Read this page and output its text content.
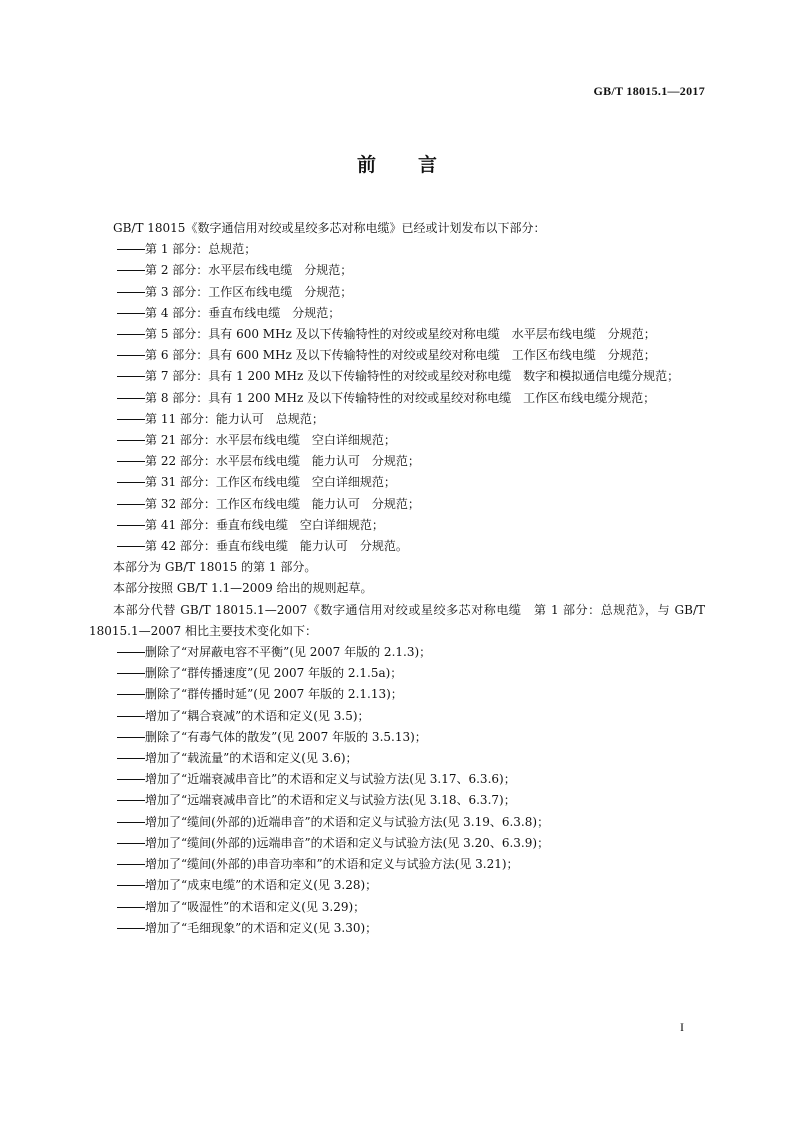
GB/T 18015.1—2017
前言

GB/T 18015《数字通信用对绞或星绞多芯对称电缆》已经或计划发布以下部分：

第 1 部分：总规范；
第 2 部分：水平层布线电缆　分规范；
第 3 部分：工作区布线电缆　分规范；
第 4 部分：垂直布线电缆　分规范；
第 5 部分：具有 600 MHz 及以下传输特性的对绞或星绞对称电缆　水平层布线电缆　分规范；
第 6 部分：具有 600 MHz 及以下传输特性的对绞或星绞对称电缆　工作区布线电缆　分规范；
第 7 部分：具有 1 200 MHz 及以下传输特性的对绞或星绞对称电缆　数字和模拟通信电缆分规范；
第 8 部分：具有 1 200 MHz 及以下传输特性的对绞或星绞对称电缆　工作区布线电缆分规范；
第 11 部分：能力认可　总规范；
第 21 部分：水平层布线电缆　空白详细规范；
第 22 部分：水平层布线电缆　能力认可　分规范；
第 31 部分：工作区布线电缆　空白详细规范；
第 32 部分：工作区布线电缆　能力认可　分规范；
第 41 部分：垂直布线电缆　空白详细规范；
第 42 部分：垂直布线电缆　能力认可　分规范。

本部分为 GB/T 18015 的第 1 部分。

本部分按照 GB/T 1.1—2009 给出的规则起草。

本部分代替 GB/T 18015.1—2007《数字通信用对绞或星绞多芯对称电缆　第 1 部分：总规范》，与 GB/T 18015.1—2007 相比主要技术变化如下：

删除了“对屏蔽电容不平衡”(见 2007 年版的 2.1.3)；
删除了“群传播速度”(见 2007 年版的 2.1.5a)；
删除了“群传播时延”(见 2007 年版的 2.1.13)；
增加了“耦合衰减”的术语和定义(见 3.5)；
删除了“有毒气体的散发”(见 2007 年版的 3.5.13)；
增加了“载流量”的术语和定义(见 3.6)；
增加了“近端衰减串音比”的术语和定义与试验方法(见 3.17、6.3.6)；
增加了“远端衰减串音比”的术语和定义与试验方法(见 3.18、6.3.7)；
增加了“缆间(外部的)近端串音”的术语和定义与试验方法(见 3.19、6.3.8)；
增加了“缆间(外部的)远端串音”的术语和定义与试验方法(见 3.20、6.3.9)；
增加了“缆间(外部的)串音功率和”的术语和定义与试验方法(见 3.21)；
增加了“成束电缆”的术语和定义(见 3.28)；
增加了“吸湿性”的术语和定义(见 3.29)；
增加了“毛细现象”的术语和定义(见 3.30)；
I
